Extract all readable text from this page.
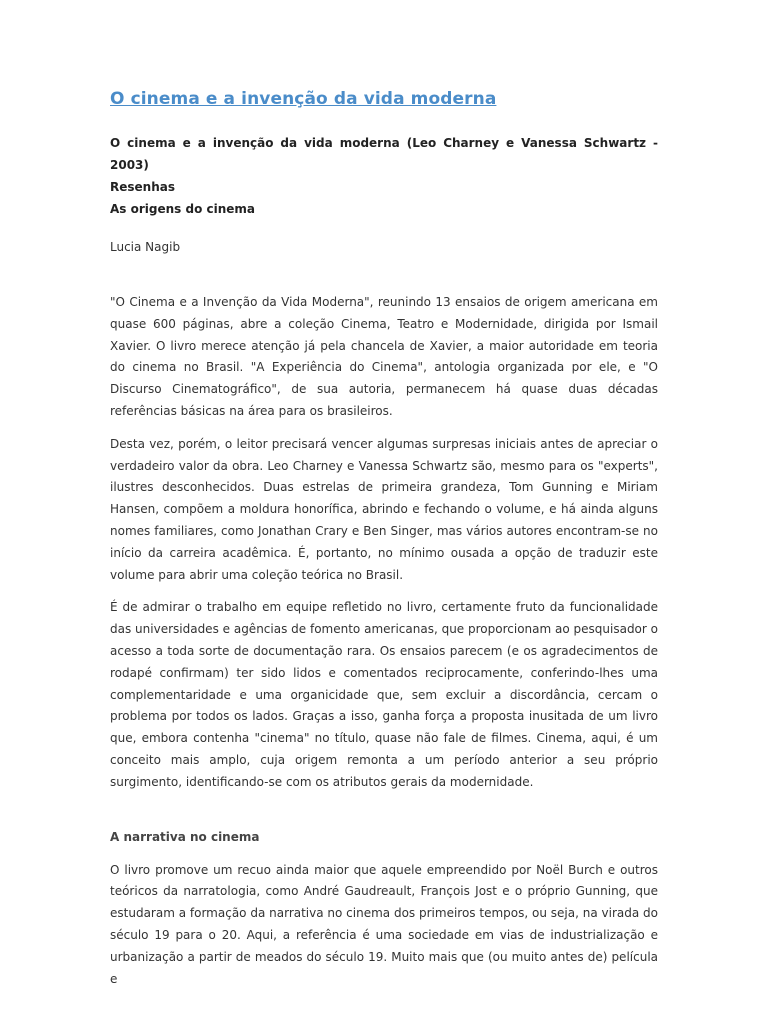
O cinema e a invenção da vida moderna
O cinema e a invenção da vida moderna (Leo Charney e Vanessa Schwartz - 2003)
Resenhas
As origens do cinema
Lucia Nagib

"O Cinema e a Invenção da Vida Moderna", reunindo 13 ensaios de origem americana em quase 600 páginas, abre a coleção Cinema, Teatro e Modernidade, dirigida por Ismail Xavier. O livro merece atenção já pela chancela de Xavier, a maior autoridade em teoria do cinema no Brasil. "A Experiência do Cinema", antologia organizada por ele, e "O Discurso Cinematográfico", de sua autoria, permanecem há quase duas décadas referências básicas na área para os brasileiros.

Desta vez, porém, o leitor precisará vencer algumas surpresas iniciais antes de apreciar o verdadeiro valor da obra. Leo Charney e Vanessa Schwartz são, mesmo para os "experts", ilustres desconhecidos. Duas estrelas de primeira grandeza, Tom Gunning e Miriam Hansen, compõem a moldura honorífica, abrindo e fechando o volume, e há ainda alguns nomes familiares, como Jonathan Crary e Ben Singer, mas vários autores encontram-se no início da carreira acadêmica. É, portanto, no mínimo ousada a opção de traduzir este volume para abrir uma coleção teórica no Brasil.

É de admirar o trabalho em equipe refletido no livro, certamente fruto da funcionalidade das universidades e agências de fomento americanas, que proporcionam ao pesquisador o acesso a toda sorte de documentação rara. Os ensaios parecem (e os agradecimentos de rodapé confirmam) ter sido lidos e comentados reciprocamente, conferindo-lhes uma complementaridade e uma organicidade que, sem excluir a discordância, cercam o problema por todos os lados. Graças a isso, ganha força a proposta inusitada de um livro que, embora contenha "cinema" no título, quase não fale de filmes. Cinema, aqui, é um conceito mais amplo, cuja origem remonta a um período anterior a seu próprio surgimento, identificando-se com os atributos gerais da modernidade.

A narrativa no cinema

O livro promove um recuo ainda maior que aquele empreendido por Noël Burch e outros teóricos da narratologia, como André Gaudreault, François Jost e o próprio Gunning, que estudaram a formação da narrativa no cinema dos primeiros tempos, ou seja, na virada do século 19 para o 20. Aqui, a referência é uma sociedade em vias de industrialização e urbanização a partir de meados do século 19. Muito mais que (ou muito antes de) película e
